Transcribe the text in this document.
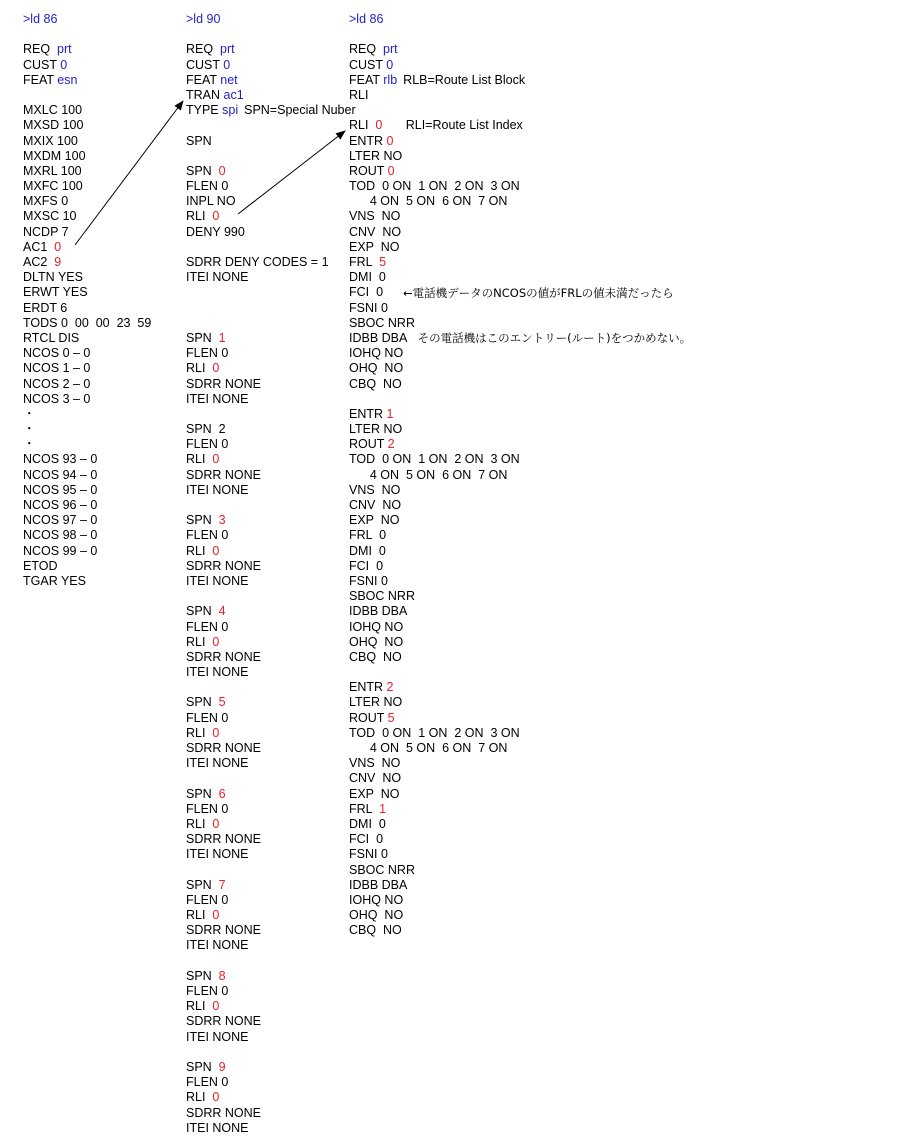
>ld 86
REQ  prt
CUST 0
FEAT esn
MXLC 100
MXSD 100
MXIX 100
MXDM 100
MXRL 100
MXFC 100
MXFS 0
MXSC 10
NCDP 7
AC1  0
AC2  9
DLTN YES
ERWT YES
ERDT 6
TODS 0  00  00  23  59
RTCL DIS
NCOS 0 – 0
NCOS 1 – 0
NCOS 2 – 0
NCOS 3 – 0
・
・
・
NCOS 93 – 0
NCOS 94 – 0
NCOS 95 – 0
NCOS 96 – 0
NCOS 97 – 0
NCOS 98 – 0
NCOS 99 – 0
ETOD
TGAR YES
>ld 90
REQ  prt
CUST 0
FEAT net
TRAN ac1
TYPE spi SPN=Special Nuber
SPN
SPN  0
FLEN 0
INPL NO
RLI  0
DENY 990
SDRR DENY CODES = 1
ITEI NONE
SPN  1
FLEN 0
RLI  0
SDRR NONE
ITEI NONE
SPN  2
FLEN 0
RLI  0
SDRR NONE
ITEI NONE
SPN  3
FLEN 0
RLI  0
SDRR NONE
ITEI NONE
SPN  4
FLEN 0
RLI  0
SDRR NONE
ITEI NONE
SPN  5
FLEN 0
RLI  0
SDRR NONE
ITEI NONE
SPN  6
FLEN 0
RLI  0
SDRR NONE
ITEI NONE
SPN  7
FLEN 0
RLI  0
SDRR NONE
ITEI NONE
SPN  8
FLEN 0
RLI  0
SDRR NONE
ITEI NONE
SPN  9
FLEN 0
RLI  0
SDRR NONE
ITEI NONE
>ld 86
REQ  prt
CUST 0
FEAT rlb RLB=Route List Block
RLI
RLI  0     RLI=Route List Index
ENTR 0
LTER NO
ROUT 0
TOD  0 ON  1 ON  2 ON  3 ON
4 ON  5 ON  6 ON  7 ON
VNS  NO
CNV  NO
EXP  NO
FRL  5
DMI  0
FCI  0
FSNI 0
SBOC NRR
IDBB DBA
IOHQ NO
OHQ  NO
CBQ  NO
ENTR 1
LTER NO
ROUT 2
TOD  0 ON  1 ON  2 ON  3 ON
4 ON  5 ON  6 ON  7 ON
VNS  NO
CNV  NO
EXP  NO
FRL  0
DMI  0
FCI  0
FSNI 0
SBOC NRR
IDBB DBA
IOHQ NO
OHQ  NO
CBQ  NO
ENTR 2
LTER NO
ROUT 5
TOD  0 ON  1 ON  2 ON  3 ON
4 ON  5 ON  6 ON  7 ON
VNS  NO
CNV  NO
EXP  NO
FRL  1
DMI  0
FCI  0
FSNI 0
SBOC NRR
IDBB DBA
IOHQ NO
OHQ  NO
CBQ  NO

←電話機データのNCOSの値がFRLの値未満だったら

その電話機はこのエントリー(ルート)をつかめない。
